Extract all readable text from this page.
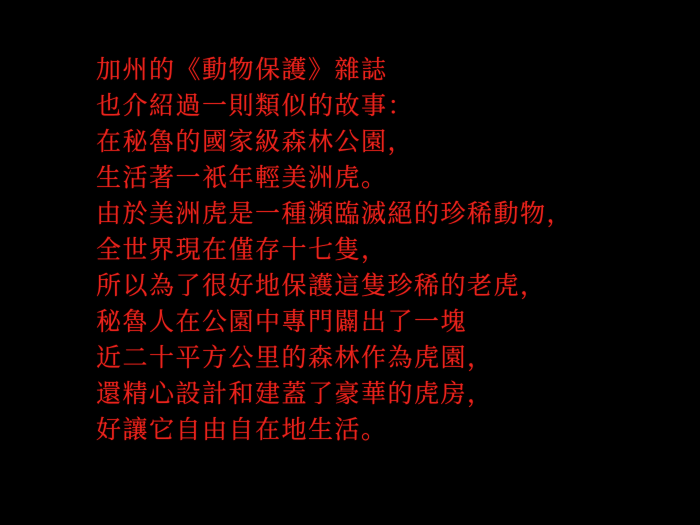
加州的《動物保護》雜誌
也介紹過一則類似的故事：
在秘魯的國家級森林公園，
生活著一衹年輕美洲虎。
由於美洲虎是一種瀕臨滅絕的珍稀動物，
全世界現在僅存十七隻，
所以為了很好地保護這隻珍稀的老虎，
秘魯人在公園中專門闢出了一塊
近二十平方公里的森林作為虎園，
還精心設計和建蓋了豪華的虎房，
好讓它自由自在地生活。
